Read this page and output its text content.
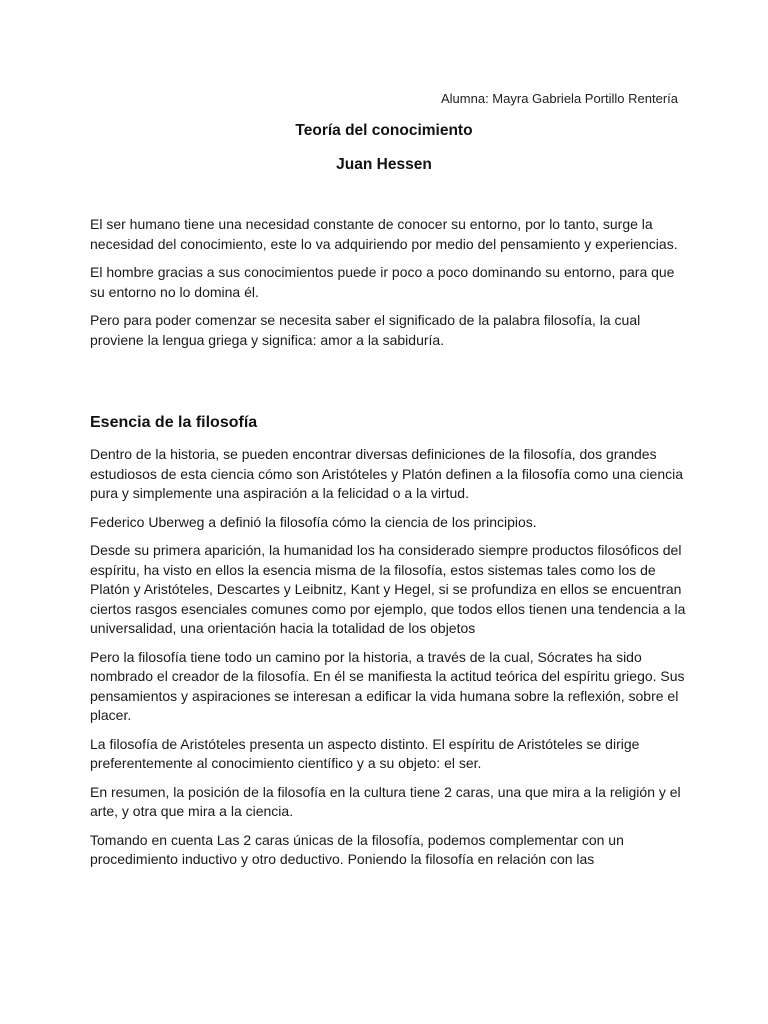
Alumna: Mayra Gabriela Portillo Rentería
Teoría del conocimiento
Juan Hessen

El ser humano tiene una necesidad constante de conocer su entorno, por lo tanto, surge la necesidad del conocimiento, este lo va adquiriendo por medio del pensamiento y experiencias.

El hombre gracias a sus conocimientos puede ir poco a poco dominando su entorno, para que su entorno no lo domina él.

Pero para poder comenzar se necesita saber el significado de la palabra filosofía, la cual proviene la lengua griega y significa: amor a la sabiduría.

Esencia de la filosofía

Dentro de la historia, se pueden encontrar diversas definiciones de la filosofía, dos grandes estudiosos de esta ciencia cómo son Aristóteles y Platón definen a la filosofía como una ciencia pura y simplemente una aspiración a la felicidad o a la virtud.

Federico Uberweg a definió la filosofía cómo la ciencia de los principios.

Desde su primera aparición, la humanidad los ha considerado siempre productos filosóficos del espíritu, ha visto en ellos la esencia misma de la filosofía, estos sistemas tales como los de Platón y Aristóteles, Descartes y Leibnitz, Kant y Hegel, si se profundiza en ellos se encuentran ciertos rasgos esenciales comunes como por ejemplo, que todos ellos tienen una tendencia a la universalidad, una orientación hacia la totalidad de los objetos

Pero la filosofía tiene todo un camino por la historia, a través de la cual, Sócrates ha sido nombrado el creador de la filosofía. En él se manifiesta la actitud teórica del espíritu griego. Sus pensamientos y aspiraciones se interesan a edificar la vida humana sobre la reflexión, sobre el placer.

La filosofía de Aristóteles presenta un aspecto distinto. El espíritu de Aristóteles se dirige preferentemente al conocimiento científico y a su objeto: el ser.

En resumen, la posición de la filosofía en la cultura tiene 2 caras, una que mira a la religión y el arte, y otra que mira a la ciencia.

Tomando en cuenta Las 2 caras únicas de la filosofía, podemos complementar con un procedimiento inductivo y otro deductivo. Poniendo la filosofía en relación con las
